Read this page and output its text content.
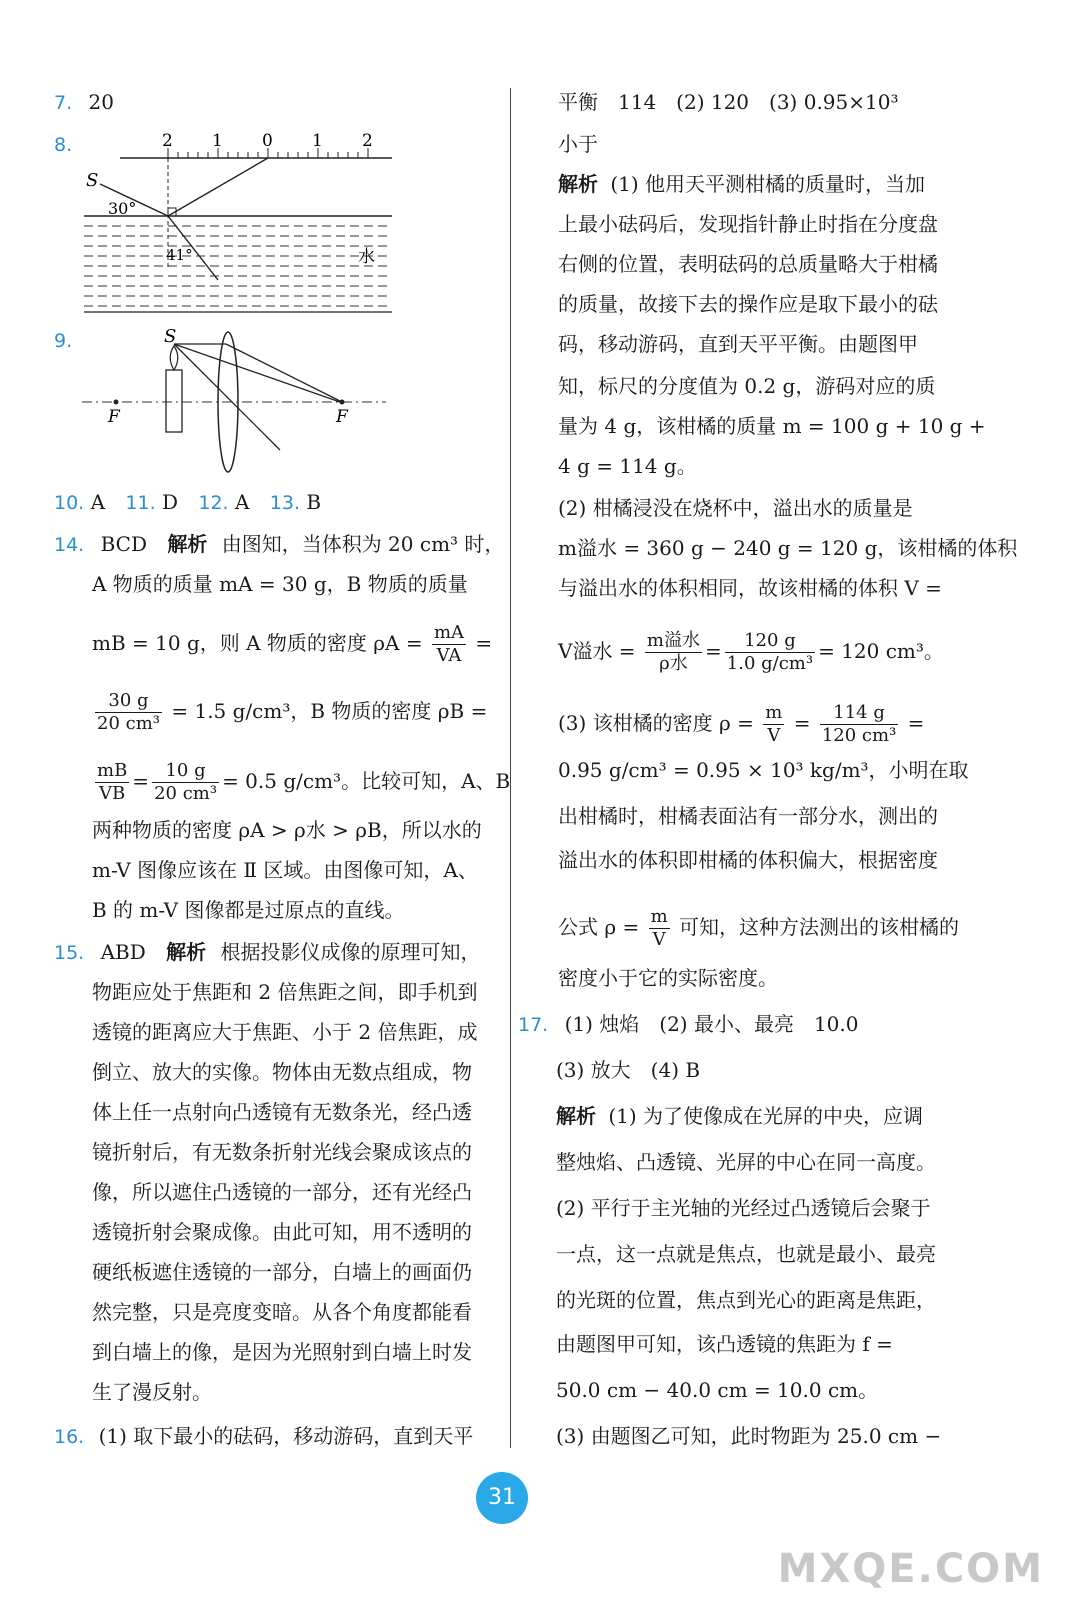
7. 20
8.	2 1 0 1 2
S
30°
41°	水
9.	S
F	F
10. A 11. D 12. A 13. B
14. BCD 解析 由图知，当体积为 20 cm³ 时，
A 物质的质量 mA = 30 g，B 物质的质量
mB = 10 g，则 A 物质的密度 $\rho A = \frac{mA}{VA}$ =
$\frac{30 g}{\text{20 cm³}} = 1.5$ g/cm³，B 物质的密度 ρB =
$\frac{mB}{VB} = \frac{10 g}{\text{20 cm³}} = 0.5$ g/cm³。比较可知，A、B
两种物质的密度 ρA > ρ水 > ρB，所以水的
m-V 图像应该在 Ⅱ 区域。由图像可知，A、
B 的 m-V 图像都是过原点的直线。
15. ABD 解析 根据投影仪成像的原理可知，
物距应处于焦距和 2 倍焦距之间，即手机到
透镜的距离应大于焦距、小于 2 倍焦距，成
倒立、放大的实像。物体由无数点组成，物
体上任一点射向凸透镜有无数条光，经凸透
镜折射后，有无数条折射光线会聚成该点的
像，所以遮住凸透镜的一部分，还有光经凸
透镜折射会聚成像。由此可知，用不透明的
硬纸板遮住透镜的一部分，白墙上的画面仍
然完整，只是亮度变暗。从各个角度都能看
到白墙上的像，是因为光照射到白墙上时发
生了漫反射。
16. (1) 取下最小的砝码，移动游码，直到天平
平衡　114　(2) 120　(3) 0.95×10³
小于
解析 (1) 他用天平测柑橘的质量时，当加
上最小砝码后，发现指针静止时指在分度盘
右侧的位置，表明砝码的总质量略大于柑橘
的质量，故接下去的操作应是取下最小的砝
码，移动游码，直到天平平衡。由题图甲
知，标尺的分度值为 0.2 g，游码对应的质
量为 4 g，该柑橘的质量 m = 100 g + 10 g +
4 g = 114 g。
(2) 柑橘浸没在烧杯中，溢出水的质量是
m溢水 = 360 g − 240 g = 120 g，该柑橘的体积
与溢出水的体积相同，故该柑橘的体积 V =
V溢水 = $\frac{\text{m溢水}}{\text{ρ水}} = \frac{120 g}{\text{1.0 g/cm³}} = 120$ cm³。
(3) 该柑橘的密度 $\rho = \frac{m}{V} = \frac{114 g}{\text{120 cm³}}$ =
0.95 g/cm³ = 0.95 × 10³ kg/m³，小明在取
出柑橘时，柑橘表面沾有一部分水，测出的
溢出水的体积即柑橘的体积偏大，根据密度
公式 $\rho = \frac{m}{V}$ 可知，这种方法测出的该柑橘的
密度小于它的实际密度。
17. (1) 烛焰　(2) 最小、最亮　10.0
(3) 放大　(4) B
解析 (1) 为了使像成在光屏的中央，应调
整烛焰、凸透镜、光屏的中心在同一高度。
(2) 平行于主光轴的光经过凸透镜后会聚于
一点，这一点就是焦点，也就是最小、最亮
的光斑的位置，焦点到光心的距离是焦距，
由题图甲可知，该凸透镜的焦距为 f =
50.0 cm − 40.0 cm = 10.0 cm。
(3) 由题图乙可知，此时物距为 25.0 cm −
31
MXQE.COM
